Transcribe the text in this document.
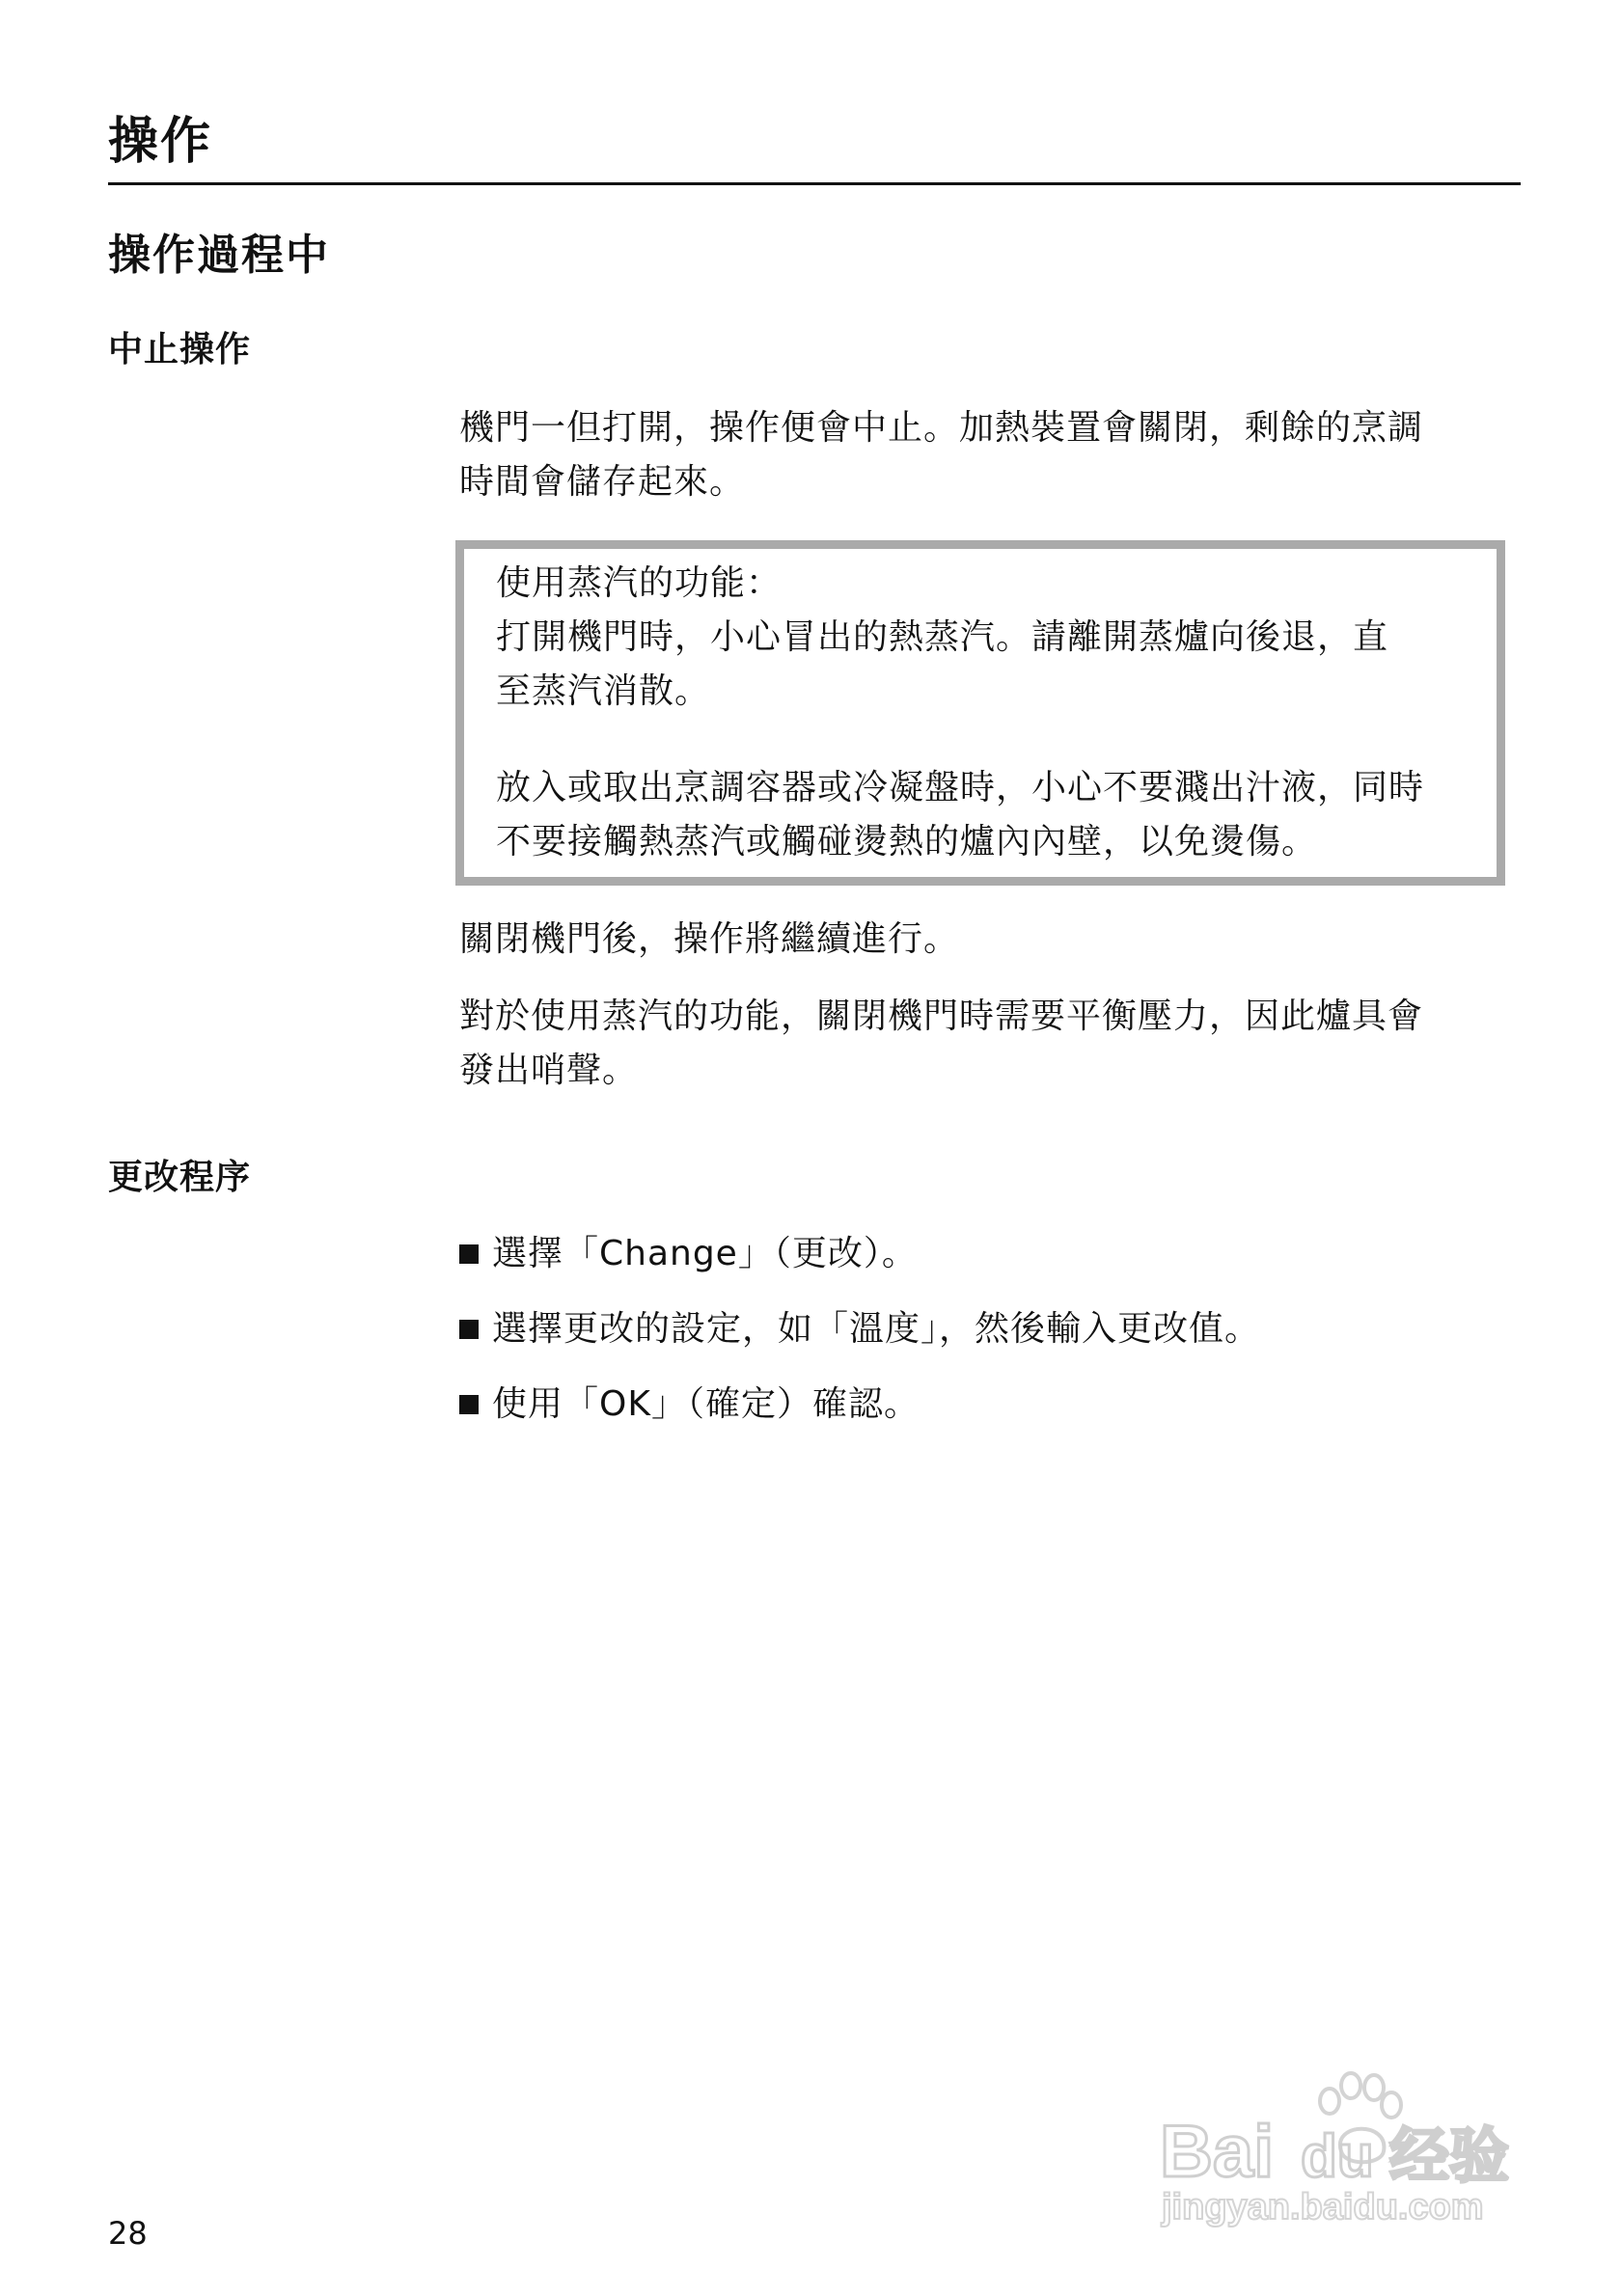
操作
操作過程中
中止操作
機門一但打開，操作便會中止。加熱裝置會關閉，剩餘的烹調
時間會儲存起來。

使用蒸汽的功能：

打開機門時，小心冒出的熱蒸汽。請離開蒸爐向後退，直

至蒸汽消散。

放入或取出烹調容器或冷凝盤時，小心不要濺出汁液，同時

不要接觸熱蒸汽或觸碰燙熱的爐內內壁，以免燙傷。

關閉機門後，操作將繼續進行。
對於使用蒸汽的功能，關閉機門時需要平衡壓力，因此爐具會
發出哨聲。
更改程序
選擇「Change」（更改）。
選擇更改的設定，如「溫度」，然後輸入更改值。
使用「OK」（確定）確認。
28
Bai du 经验
jingyan.baidu.com
